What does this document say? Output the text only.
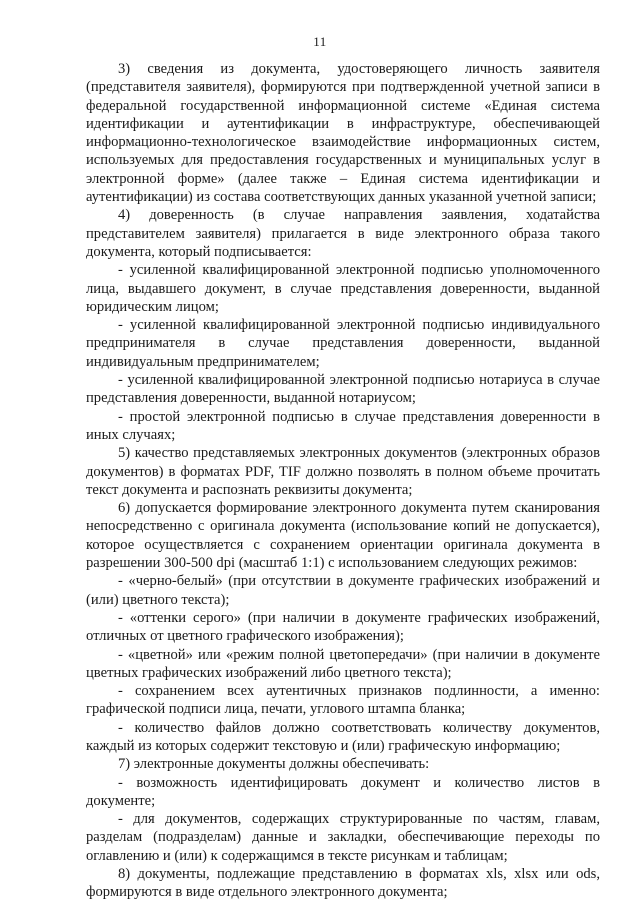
11

3) сведения из документа, удостоверяющего личность заявителя (представителя заявителя), формируются при подтвержденной учетной записи в федеральной государственной информационной системе «Единая система идентификации и аутентификации в инфраструктуре, обеспечивающей информационно-технологическое взаимодействие информационных систем, используемых для предоставления государственных и муниципальных услуг в электронной форме» (далее также – Единая система идентификации и аутентификации) из состава соответствующих данных указанной учетной записи;

4) доверенность (в случае направления заявления, ходатайства представителем заявителя) прилагается в виде электронного образа такого документа, который подписывается:

- усиленной квалифицированной электронной подписью уполномоченного лица, выдавшего документ, в случае представления доверенности, выданной юридическим лицом;

- усиленной квалифицированной электронной подписью индивидуального предпринимателя в случае представления доверенности, выданной индивидуальным предпринимателем;

- усиленной квалифицированной электронной подписью нотариуса в случае представления доверенности, выданной нотариусом;

- простой электронной подписью в случае представления доверенности в иных случаях;

5) качество представляемых электронных документов (электронных образов документов) в форматах PDF, TIF должно позволять в полном объеме прочитать текст документа и распознать реквизиты документа;

6) допускается формирование электронного документа путем сканирования непосредственно с оригинала документа (использование копий не допускается), которое осуществляется с сохранением ориентации оригинала документа в разрешении 300-500 dpi (масштаб 1:1) с использованием следующих режимов:

- «черно-белый» (при отсутствии в документе графических изображений и (или) цветного текста);

- «оттенки серого» (при наличии в документе графических изображений, отличных от цветного графического изображения);

- «цветной» или «режим полной цветопередачи» (при наличии в документе цветных графических изображений либо цветного текста);

- сохранением всех аутентичных признаков подлинности, а именно: графической подписи лица, печати, углового штампа бланка;

- количество файлов должно соответствовать количеству документов, каждый из которых содержит текстовую и (или) графическую информацию;

7) электронные документы должны обеспечивать:

- возможность идентифицировать документ и количество листов в документе;

- для документов, содержащих структурированные по частям, главам, разделам (подразделам) данные и закладки, обеспечивающие переходы по оглавлению и (или) к содержащимся в тексте рисункам и таблицам;

8) документы, подлежащие представлению в форматах xls, xlsx или ods, формируются в виде отдельного электронного документа;
